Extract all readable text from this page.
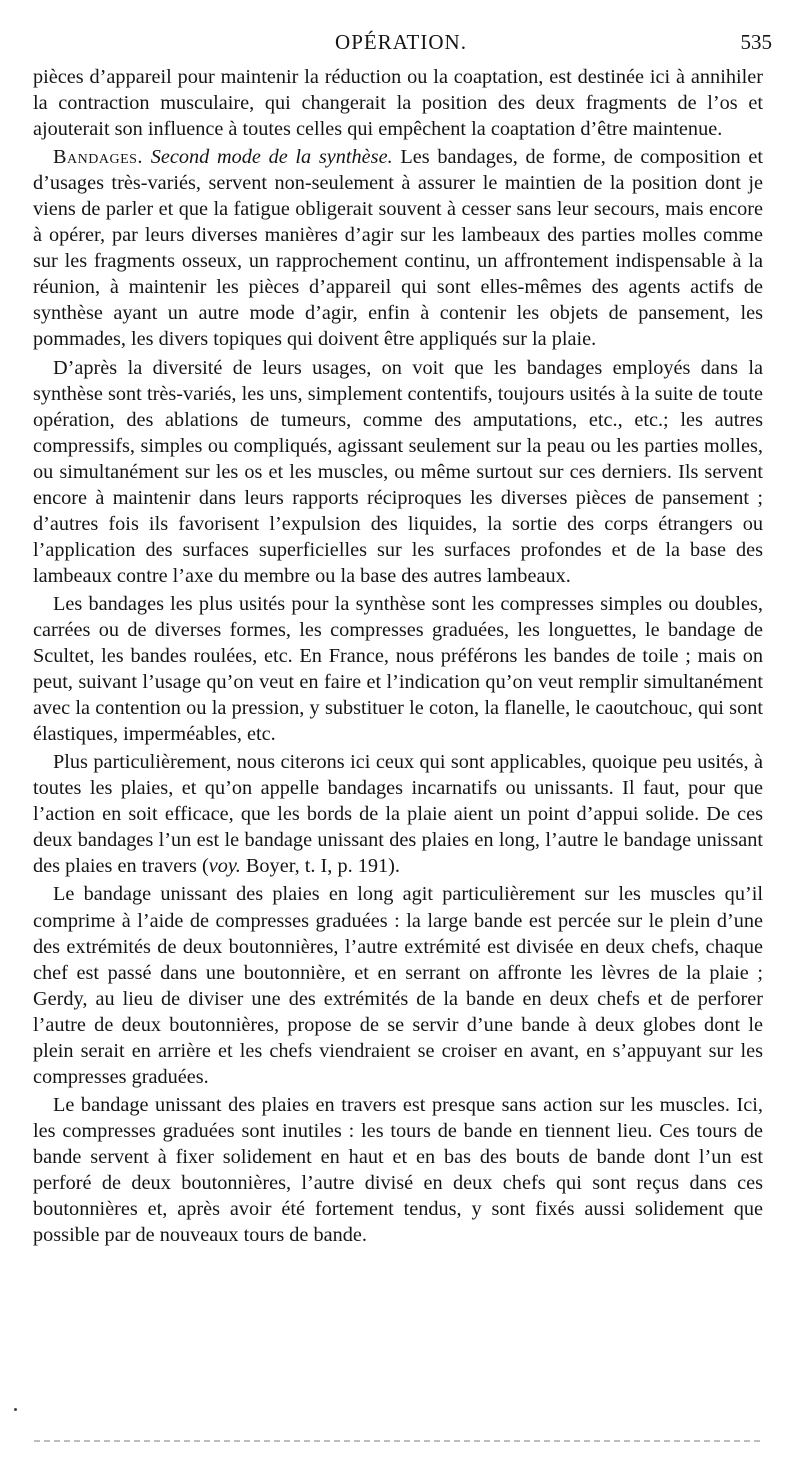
OPÉRATION.	535

pièces d’appareil pour maintenir la réduction ou la coaptation, est destinée ici à annihiler la contraction musculaire, qui changerait la position des deux fragments de l’os et ajouterait son influence à toutes celles qui empêchent la coaptation d’être maintenue.

Bandages. Second mode de la synthèse. Les bandages, de forme, de composition et d’usages très-variés, servent non-seulement à assurer le maintien de la position dont je viens de parler et que la fatigue obligerait souvent à cesser sans leur secours, mais encore à opérer, par leurs diverses manières d’agir sur les lambeaux des parties molles comme sur les fragments osseux, un rapprochement continu, un affrontement indispensable à la réunion, à maintenir les pièces d’appareil qui sont elles-mêmes des agents actifs de synthèse ayant un autre mode d’agir, enfin à contenir les objets de pansement, les pommades, les divers topiques qui doivent être appliqués sur la plaie.

D’après la diversité de leurs usages, on voit que les bandages employés dans la synthèse sont très-variés, les uns, simplement contentifs, toujours usités à la suite de toute opération, des ablations de tumeurs, comme des amputations, etc., etc.; les autres compressifs, simples ou compliqués, agissant seulement sur la peau ou les parties molles, ou simultanément sur les os et les muscles, ou même surtout sur ces derniers. Ils servent encore à maintenir dans leurs rapports réciproques les diverses pièces de pansement ; d’autres fois ils favorisent l’expulsion des liquides, la sortie des corps étrangers ou l’application des surfaces superficielles sur les surfaces profondes et de la base des lambeaux contre l’axe du membre ou la base des autres lambeaux.

Les bandages les plus usités pour la synthèse sont les compresses simples ou doubles, carrées ou de diverses formes, les compresses graduées, les longuettes, le bandage de Scultet, les bandes roulées, etc. En France, nous préférons les bandes de toile ; mais on peut, suivant l’usage qu’on veut en faire et l’indication qu’on veut remplir simultanément avec la contention ou la pression, y substituer le coton, la flanelle, le caoutchouc, qui sont élastiques, imperméables, etc.

Plus particulièrement, nous citerons ici ceux qui sont applicables, quoique peu usités, à toutes les plaies, et qu’on appelle bandages incarnatifs ou unissants. Il faut, pour que l’action en soit efficace, que les bords de la plaie aient un point d’appui solide. De ces deux bandages l’un est le bandage unissant des plaies en long, l’autre le bandage unissant des plaies en travers (voy. Boyer, t. I, p. 191).

Le bandage unissant des plaies en long agit particulièrement sur les muscles qu’il comprime à l’aide de compresses graduées : la large bande est percée sur le plein d’une des extrémités de deux boutonnières, l’autre extrémité est divisée en deux chefs, chaque chef est passé dans une boutonnière, et en serrant on affronte les lèvres de la plaie ; Gerdy, au lieu de diviser une des extrémités de la bande en deux chefs et de perforer l’autre de deux boutonnières, propose de se servir d’une bande à deux globes dont le plein serait en arrière et les chefs viendraient se croiser en avant, en s’appuyant sur les compresses graduées.

Le bandage unissant des plaies en travers est presque sans action sur les muscles. Ici, les compresses graduées sont inutiles : les tours de bande en tiennent lieu. Ces tours de bande servent à fixer solidement en haut et en bas des bouts de bande dont l’un est perforé de deux boutonnières, l’autre divisé en deux chefs qui sont reçus dans ces boutonnières et, après avoir été fortement tendus, y sont fixés aussi solidement que possible par de nouveaux tours de bande.
